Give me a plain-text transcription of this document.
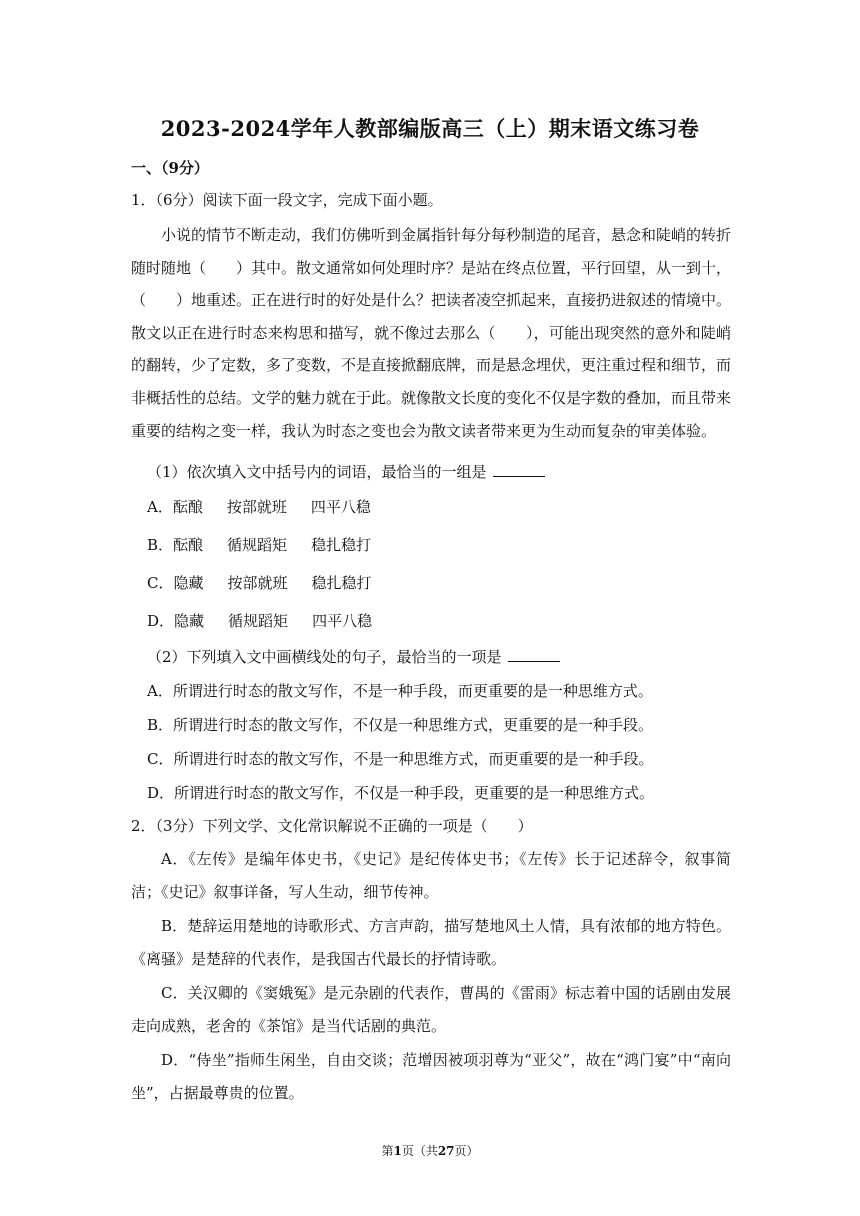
2023-2024学年人教部编版高三（上）期末语文练习卷
一、（9分）
1．（6分）阅读下面一段文字，完成下面小题。
小说的情节不断走动，我们仿佛听到金属指针每分每秒制造的尾音，悬念和陡峭的转折随时随地（　　）其中。散文通常如何处理时序？是站在终点位置，平行回望，从一到十，（　　）地重述。正在进行时的好处是什么？把读者凌空抓起来，直接扔进叙述的情境中。散文以正在进行时态来构思和描写，就不像过去那么（　　），可能出现突然的意外和陡峭的翻转，少了定数，多了变数，不是直接掀翻底牌，而是悬念埋伏，更注重过程和细节，而非概括性的总结。文学的魅力就在于此。就像散文长度的变化不仅是字数的叠加，而且带来重要的结构之变一样，我认为时态之变也会为散文读者带来更为生动而复杂的审美体验。
（1）依次填入文中括号内的词语，最恰当的一组是
A．酝酿 按部就班 四平八稳
B．酝酿 循规蹈矩 稳扎稳打
C．隐藏 按部就班 稳扎稳打
D．隐藏 循规蹈矩 四平八稳
（2）下列填入文中画横线处的句子，最恰当的一项是
A．所谓进行时态的散文写作，不是一种手段，而更重要的是一种思维方式。
B．所谓进行时态的散文写作，不仅是一种思维方式，更重要的是一种手段。
C．所谓进行时态的散文写作，不是一种思维方式，而更重要的是一种手段。
D．所谓进行时态的散文写作，不仅是一种手段，更重要的是一种思维方式。
2．（3分）下列文学、文化常识解说不正确的一项是（　　）
A．《左传》是编年体史书，《史记》是纪传体史书；《左传》长于记述辞令，叙事简洁；《史记》叙事详备，写人生动，细节传神。
B．楚辞运用楚地的诗歌形式、方言声韵，描写楚地风土人情，具有浓郁的地方特色。《离骚》是楚辞的代表作，是我国古代最长的抒情诗歌。
C．关汉卿的《窦娥冤》是元杂剧的代表作，曹禺的《雷雨》标志着中国的话剧由发展走向成熟，老舍的《茶馆》是当代话剧的典范。
D．“侍坐”指师生闲坐，自由交谈；范增因被项羽尊为“亚父”，故在“鸿门宴”中“南向坐”，占据最尊贵的位置。
第1页（共27页）
